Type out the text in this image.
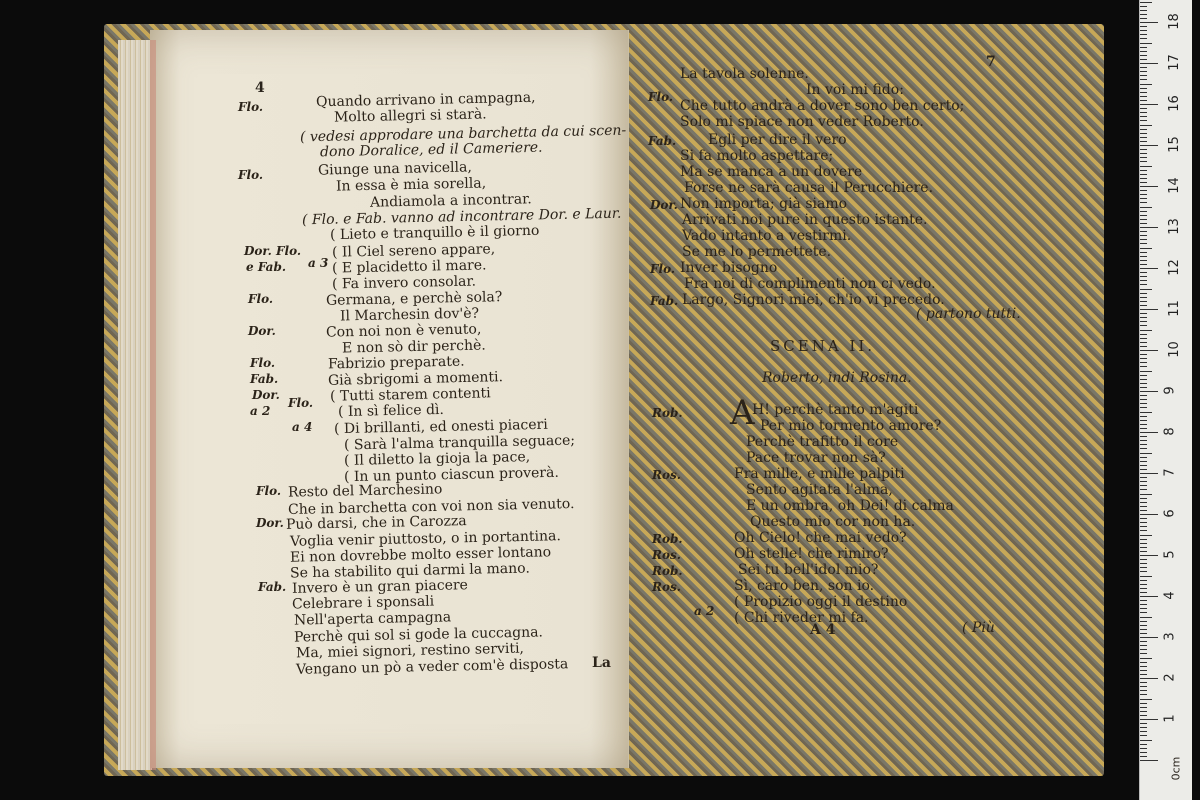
0cm
1
2
3
4
5
6
7
8
9
10
11
12
13
14
15
16
17
18
Quando arrivano in campagna,
Molto allegri si starà.
( vedesi approdare una barchetta da cui scen-
dono Doralice, ed il Cameriere.
Giunge una navicella,
In essa è mia sorella,
Andiamola a incontrar.
( Flo. e Fab. vanno ad incontrare Dor. e Laur.
( Lieto e tranquillo è il giorno
( Il Ciel sereno appare,
( E placidetto il mare.
( Fa invero consolar.
Germana, e perchè sola?
Il Marchesin dov'è?
Con noi non è venuto,
E non sò dir perchè.
Fabrizio preparate.
Già sbrigomi a momenti.
( Tutti starem contenti
( In sì felice dì.
( Di brillanti, ed onesti piaceri
( Sarà l'alma tranquilla seguace;
( Il diletto la gioja la pace,
( In un punto ciascun proverà.
Resto del Marchesino
Che in barchetta con voi non sia venuto.
Può darsi, che in Carozza
Voglia venir piuttosto, o in portantina.
Ei non dovrebbe molto esser lontano
Se ha stabilito qui darmi la mano.
Invero è un gran piacere
Celebrare i sponsali
Nell'aperta campagna
Perchè qui sol si gode la cuccagna.
Ma, miei signori, restino serviti,
Vengano un pò a veder com'è disposta
Flo.
Flo.
Dor. Flo.
e Fab. a 3
Flo.
Dor.
Flo.
Fab.
Dor.
Flo.
a 2
a 4
Flo.
Dor.
Fab.
4
La
7
La tavola solenne.
In voi mi fido:
Che tutto andrà a dover sono ben certo;
Solo mi spiace non veder Roberto.
Egli per dire il vero
Si fa molto aspettare;
Ma se manca a un dovere
Forse ne sarà causa il Perucchiere.
Non importa; già siamo
Arrivati noi pure in questo istante.
Vado intanto a vestirmi.
Se me lo permettete.
Inver bisogno
Fra noi di complimenti non ci vedo.
Largo, Signori miei, ch'io vi precedo.
( partono tutti.
SCENA II.
Roberto, indi Rosina.
H! perchè tanto m'agiti
Per mio tormento amore?
Perchè trafitto il core
Pace trovar non sà?
Fra mille, e mille palpiti
Sento agitata l'alma,
E un ombra, oh Dei! di calma
Questo mio cor non ha.
Oh Cielo! che mai vedo?
Oh stelle! che rimiro?
Sei tu bell'idol mio?
Sì, caro ben, son io.
( Propizio oggi il destino
( Chi riveder mi fa.
A 4	( Più
A
Flo.
Fab.
Dor.
Flo.
Fab.
Rob.
Ros.
Rob.
Ros.
Rob.
Ros.
a 2
